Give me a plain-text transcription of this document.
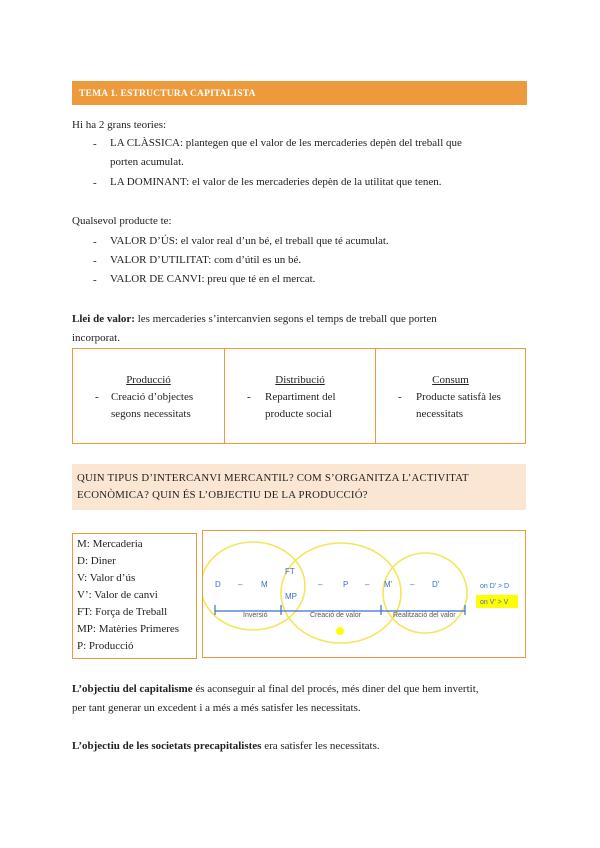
TEMA 1. ESTRUCTURA CAPITALISTA
Hi ha 2 grans teories:
- LA CLÀSSICA: plantegen que el valor de les mercaderies depèn del treball que
porten acumulat.
- LA DOMINANT: el valor de les mercaderies depèn de la utilitat que tenen.
Qualsevol producte te:
- VALOR D’ÚS: el valor real d’un bé, el treball que té acumulat.
- VALOR D’UTILITAT: com d’útil es un bé.
- VALOR DE CANVI: preu que té en el mercat.
Llei de valor: les mercaderies s’intercanvien segons el temps de treball que porten
incorporat.
Producció
- Creació d’objectes
segons necessitats
Distribució
- Repartiment del
producte social
Consum
- Producte satisfà les
necessitats
QUIN TIPUS D’INTERCANVI MERCANTIL? COM S’ORGANITZA L’ACTIVITAT
ECONÒMICA? QUIN ÉS L’OBJECTIU DE LA PRODUCCIÓ?
M: Mercaderia
D: Diner
V: Valor d’ús
V’: Valor de canvi
FT: Força de Treball
MP: Matèries Primeres
P: Producció
D – M
FT
MP
–	P – M’ – D’
Inversió	Creació de valor	Realització del valor
on D’ > D
on V’ > V
L’objectiu del capitalisme és aconseguir al final del procés, més diner del que hem invertit,
per tant generar un excedent i a més a més satisfer les necessitats.
L’objectiu de les societats precapitalistes era satisfer les necessitats.
